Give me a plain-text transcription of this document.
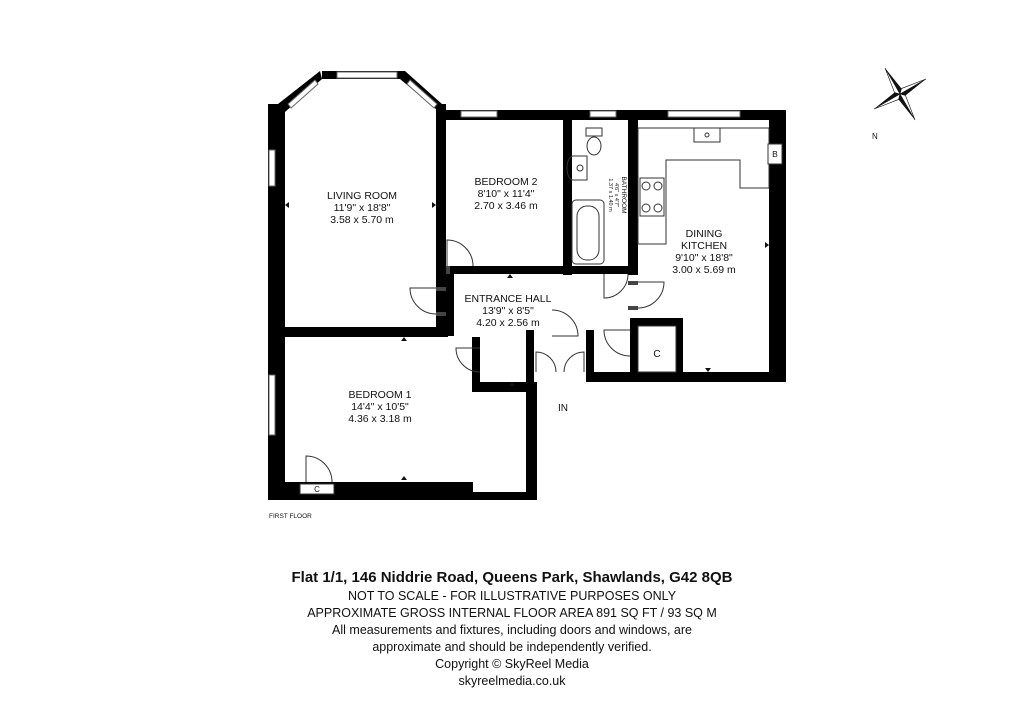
LIVING ROOM
11'9" x 18'8"
3.58 x 5.70 m
BEDROOM 2
8'10" x 11'4"
2.70 x 3.46 m	BATHROOM
4'6" x 4'7"
1.37 x 1.40 m
DINING
KITCHEN
9'10" x 18'8"
3.00 x 5.69 m
ENTRANCE HALL
13'9" x 8'5"
4.20 x 2.56 m
BEDROOM 1
14'4" x 10'5"
4.36 x 3.18 m
C
C
B
IN
FIRST FLOOR
N
Flat 1/1, 146 Niddrie Road, Queens Park, Shawlands, G42 8QB
NOT TO SCALE - FOR ILLUSTRATIVE PURPOSES ONLY
APPROXIMATE GROSS INTERNAL FLOOR AREA 891 SQ FT / 93 SQ M
All measurements and fixtures, including doors and windows, are
approximate and should be independently verified.
Copyright © SkyReel Media
skyreelmedia.co.uk
